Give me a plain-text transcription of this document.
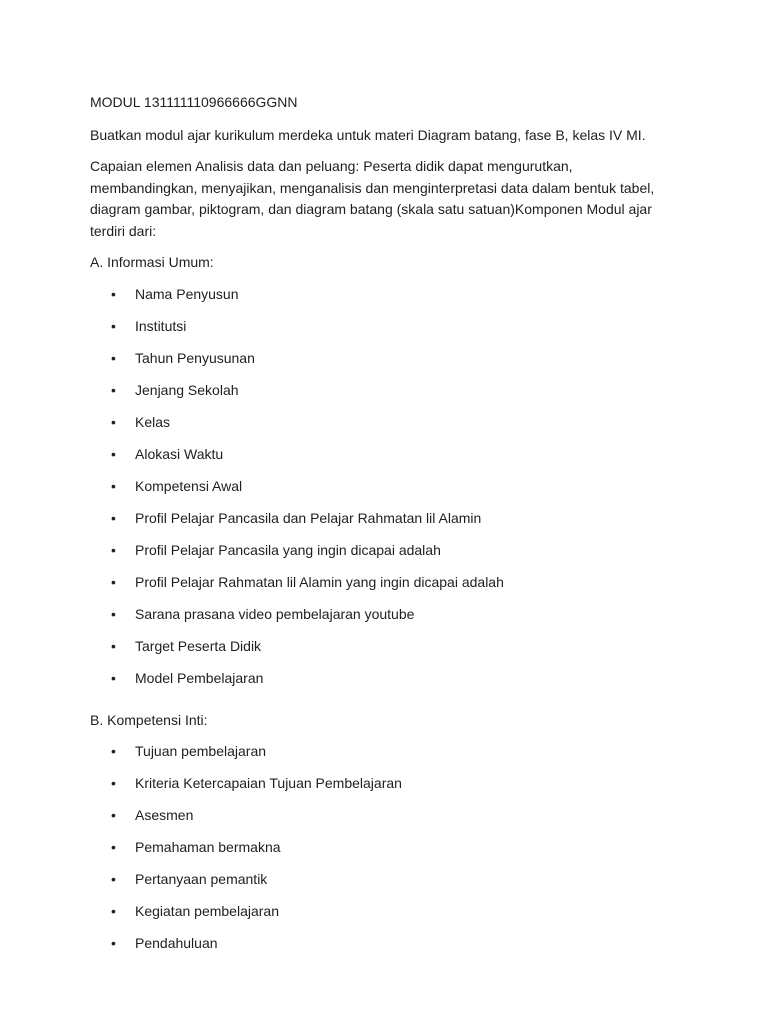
MODUL 131111110966666GGNN

Buatkan modul ajar kurikulum merdeka untuk materi Diagram batang, fase B, kelas IV MI.

Capaian elemen Analisis data dan peluang: Peserta didik dapat mengurutkan, membandingkan, menyajikan, menganalisis dan menginterpretasi data dalam bentuk tabel, diagram gambar, piktogram, dan diagram batang (skala satu satuan)Komponen Modul ajar terdiri dari:

A. Informasi Umum:

• Nama Penyusun
• Institutsi
• Tahun Penyusunan
• Jenjang Sekolah
• Kelas
• Alokasi Waktu
• Kompetensi Awal
• Profil Pelajar Pancasila dan Pelajar Rahmatan lil Alamin
• Profil Pelajar Pancasila yang ingin dicapai adalah
• Profil Pelajar Rahmatan lil Alamin yang ingin dicapai adalah
• Sarana prasana video pembelajaran youtube
• Target Peserta Didik
• Model Pembelajaran

B. Kompetensi Inti:

• Tujuan pembelajaran
• Kriteria Ketercapaian Tujuan Pembelajaran
• Asesmen
• Pemahaman bermakna
• Pertanyaan pemantik
• Kegiatan pembelajaran
• Pendahuluan
